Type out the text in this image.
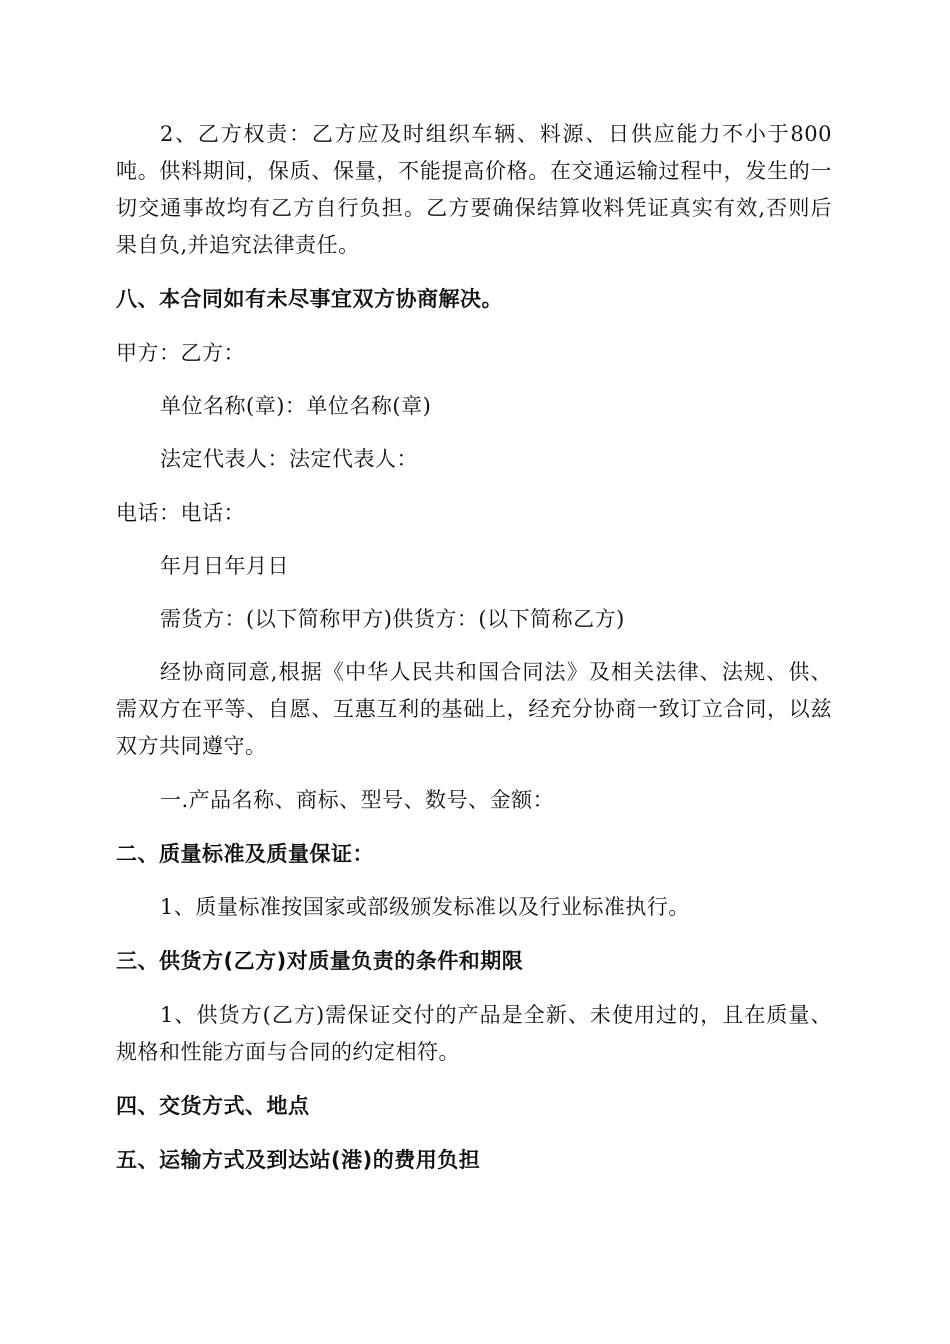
2、乙方权责：乙方应及时组织车辆、料源、日供应能力不小于800吨。供料期间，保质、保量，不能提高价格。在交通运输过程中，发生的一切交通事故均有乙方自行负担。乙方要确保结算收料凭证真实有效,否则后果自负,并追究法律责任。

八、本合同如有未尽事宜双方协商解决。

甲方：乙方：

单位名称(章)：单位名称(章)

法定代表人：法定代表人：

电话：电话：

年月日年月日

需货方：(以下简称甲方)供货方：(以下简称乙方)

经协商同意,根据《中华人民共和国合同法》及相关法律、法规、供、需双方在平等、自愿、互惠互利的基础上，经充分协商一致订立合同，以兹双方共同遵守。

一.产品名称、商标、型号、数号、金额：

二、质量标准及质量保证：

1、质量标准按国家或部级颁发标准以及行业标准执行。

三、供货方(乙方)对质量负责的条件和期限

1、供货方(乙方)需保证交付的产品是全新、未使用过的，且在质量、规格和性能方面与合同的约定相符。

四、交货方式、地点

五、运输方式及到达站(港)的费用负担
